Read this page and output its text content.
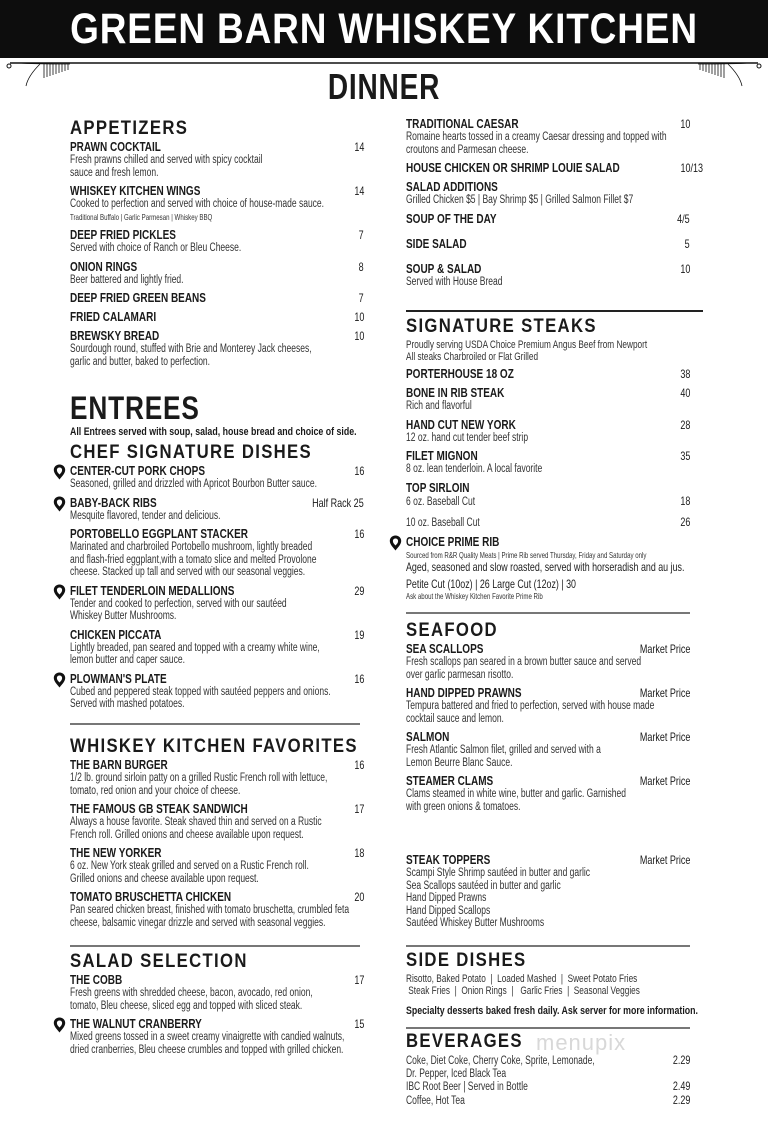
GREEN BARN WHISKEY KITCHEN
DINNER
menupix
APPETIZERS
PRAWN COCKTAIL	14
Fresh prawns chilled and served with spicy cocktail
sauce and fresh lemon.
WHISKEY KITCHEN WINGS	14
Cooked to perfection and served with choice of house-made sauce.
Traditional Buffalo | Garlic Parmesan | Whiskey BBQ
DEEP FRIED PICKLES	7
Served with choice of Ranch or Bleu Cheese.
ONION RINGS	8
Beer battered and lightly fried.
DEEP FRIED GREEN BEANS	7
FRIED CALAMARI	10
BREWSKY BREAD	10
Sourdough round, stuffed with Brie and Monterey Jack cheeses,
garlic and butter, baked to perfection.
ENTREES
All Entrees served with soup, salad, house bread and choice of side.
CHEF SIGNATURE DISHES
CENTER-CUT PORK CHOPS	16
Seasoned, grilled and drizzled with Apricot Bourbon Butter sauce.
BABY-BACK RIBS	Half Rack 25
Mesquite flavored, tender and delicious.
PORTOBELLO EGGPLANT STACKER	16
Marinated and charbroiled Portobello mushroom, lightly breaded
and flash-fried eggplant,with a tomato slice and melted Provolone
cheese. Stacked up tall and served with our seasonal veggies.
FILET TENDERLOIN MEDALLIONS	29
Tender and cooked to perfection, served with our sautéed
Whiskey Butter Mushrooms.
CHICKEN PICCATA	19
Lightly breaded, pan seared and topped with a creamy white wine,
lemon butter and caper sauce.
PLOWMAN'S PLATE	16
Cubed and peppered steak topped with sautéed peppers and onions.
Served with mashed potatoes.
WHISKEY KITCHEN FAVORITES
THE BARN BURGER	16
1/2 lb. ground sirloin patty on a grilled Rustic French roll with lettuce,
tomato, red onion and your choice of cheese.
THE FAMOUS GB STEAK SANDWICH	17
Always a house favorite. Steak shaved thin and served on a Rustic
French roll. Grilled onions and cheese available upon request.
THE NEW YORKER	18
6 oz. New York steak grilled and served on a Rustic French roll.
Grilled onions and cheese available upon request.
TOMATO BRUSCHETTA CHICKEN	20
Pan seared chicken breast, finished with tomato bruschetta, crumbled feta
cheese, balsamic vinegar drizzle and served with seasonal veggies.
SALAD SELECTION
THE COBB	17
Fresh greens with shredded cheese, bacon, avocado, red onion,
tomato, Bleu cheese, sliced egg and topped with sliced steak.
THE WALNUT CRANBERRY	15
Mixed greens tossed in a sweet creamy vinaigrette with candied walnuts,
dried cranberries, Bleu cheese crumbles and topped with grilled chicken.
TRADITIONAL CAESAR	10
Romaine hearts tossed in a creamy Caesar dressing and topped with
croutons and Parmesan cheese.
HOUSE CHICKEN OR SHRIMP LOUIE SALAD	10/13
SALAD ADDITIONS
Grilled Chicken $5 | Bay Shrimp $5 | Grilled Salmon Fillet $7
SOUP OF THE DAY	4/5
SIDE SALAD	5
SOUP & SALAD	10
Served with House Bread
SIGNATURE STEAKS
Proudly serving USDA Choice Premium Angus Beef from Newport
All steaks Charbroiled or Flat Grilled
PORTERHOUSE 18 OZ	38
BONE IN RIB STEAK	40
Rich and flavorful
HAND CUT NEW YORK	28
12 oz. hand cut tender beef strip
FILET MIGNON	35
8 oz. lean tenderloin. A local favorite
TOP SIRLOIN
6 oz. Baseball Cut	18
10 oz. Baseball Cut	26
CHOICE PRIME RIB
Sourced from R&R Quality Meats | Prime Rib served Thursday, Friday and Saturday only
Aged, seasoned and slow roasted, served with horseradish and au jus.
Petite Cut (10oz) | 26 Large Cut (12oz) | 30
Ask about the Whiskey Kitchen Favorite Prime Rib
SEAFOOD
SEA SCALLOPS	Market Price
Fresh scallops pan seared in a brown butter sauce and served
over garlic parmesan risotto.
HAND DIPPED PRAWNS	Market Price
Tempura battered and fried to perfection, served with house made
cocktail sauce and lemon.
SALMON	Market Price
Fresh Atlantic Salmon filet, grilled and served with a
Lemon Beurre Blanc Sauce.
STEAMER CLAMS	Market Price
Clams steamed in white wine, butter and garlic. Garnished
with green onions & tomatoes.
STEAK TOPPERS	Market Price
Scampi Style Shrimp sautéed in butter and garlic
Sea Scallops sautéed in butter and garlic
Hand Dipped Prawns
Hand Dipped Scallops
Sautéed Whiskey Butter Mushrooms
SIDE DISHES
Risotto, Baked Potato  |  Loaded Mashed  |  Sweet Potato Fries
Steak Fries  |  Onion Rings  |   Garlic Fries  |  Seasonal Veggies
Specialty desserts baked fresh daily. Ask server for more information.
BEVERAGES
Coke, Diet Coke, Cherry Coke, Sprite, Lemonade,	2.29
Dr. Pepper, Iced Black Tea
IBC Root Beer | Served in Bottle	2.49
Coffee, Hot Tea	2.29
